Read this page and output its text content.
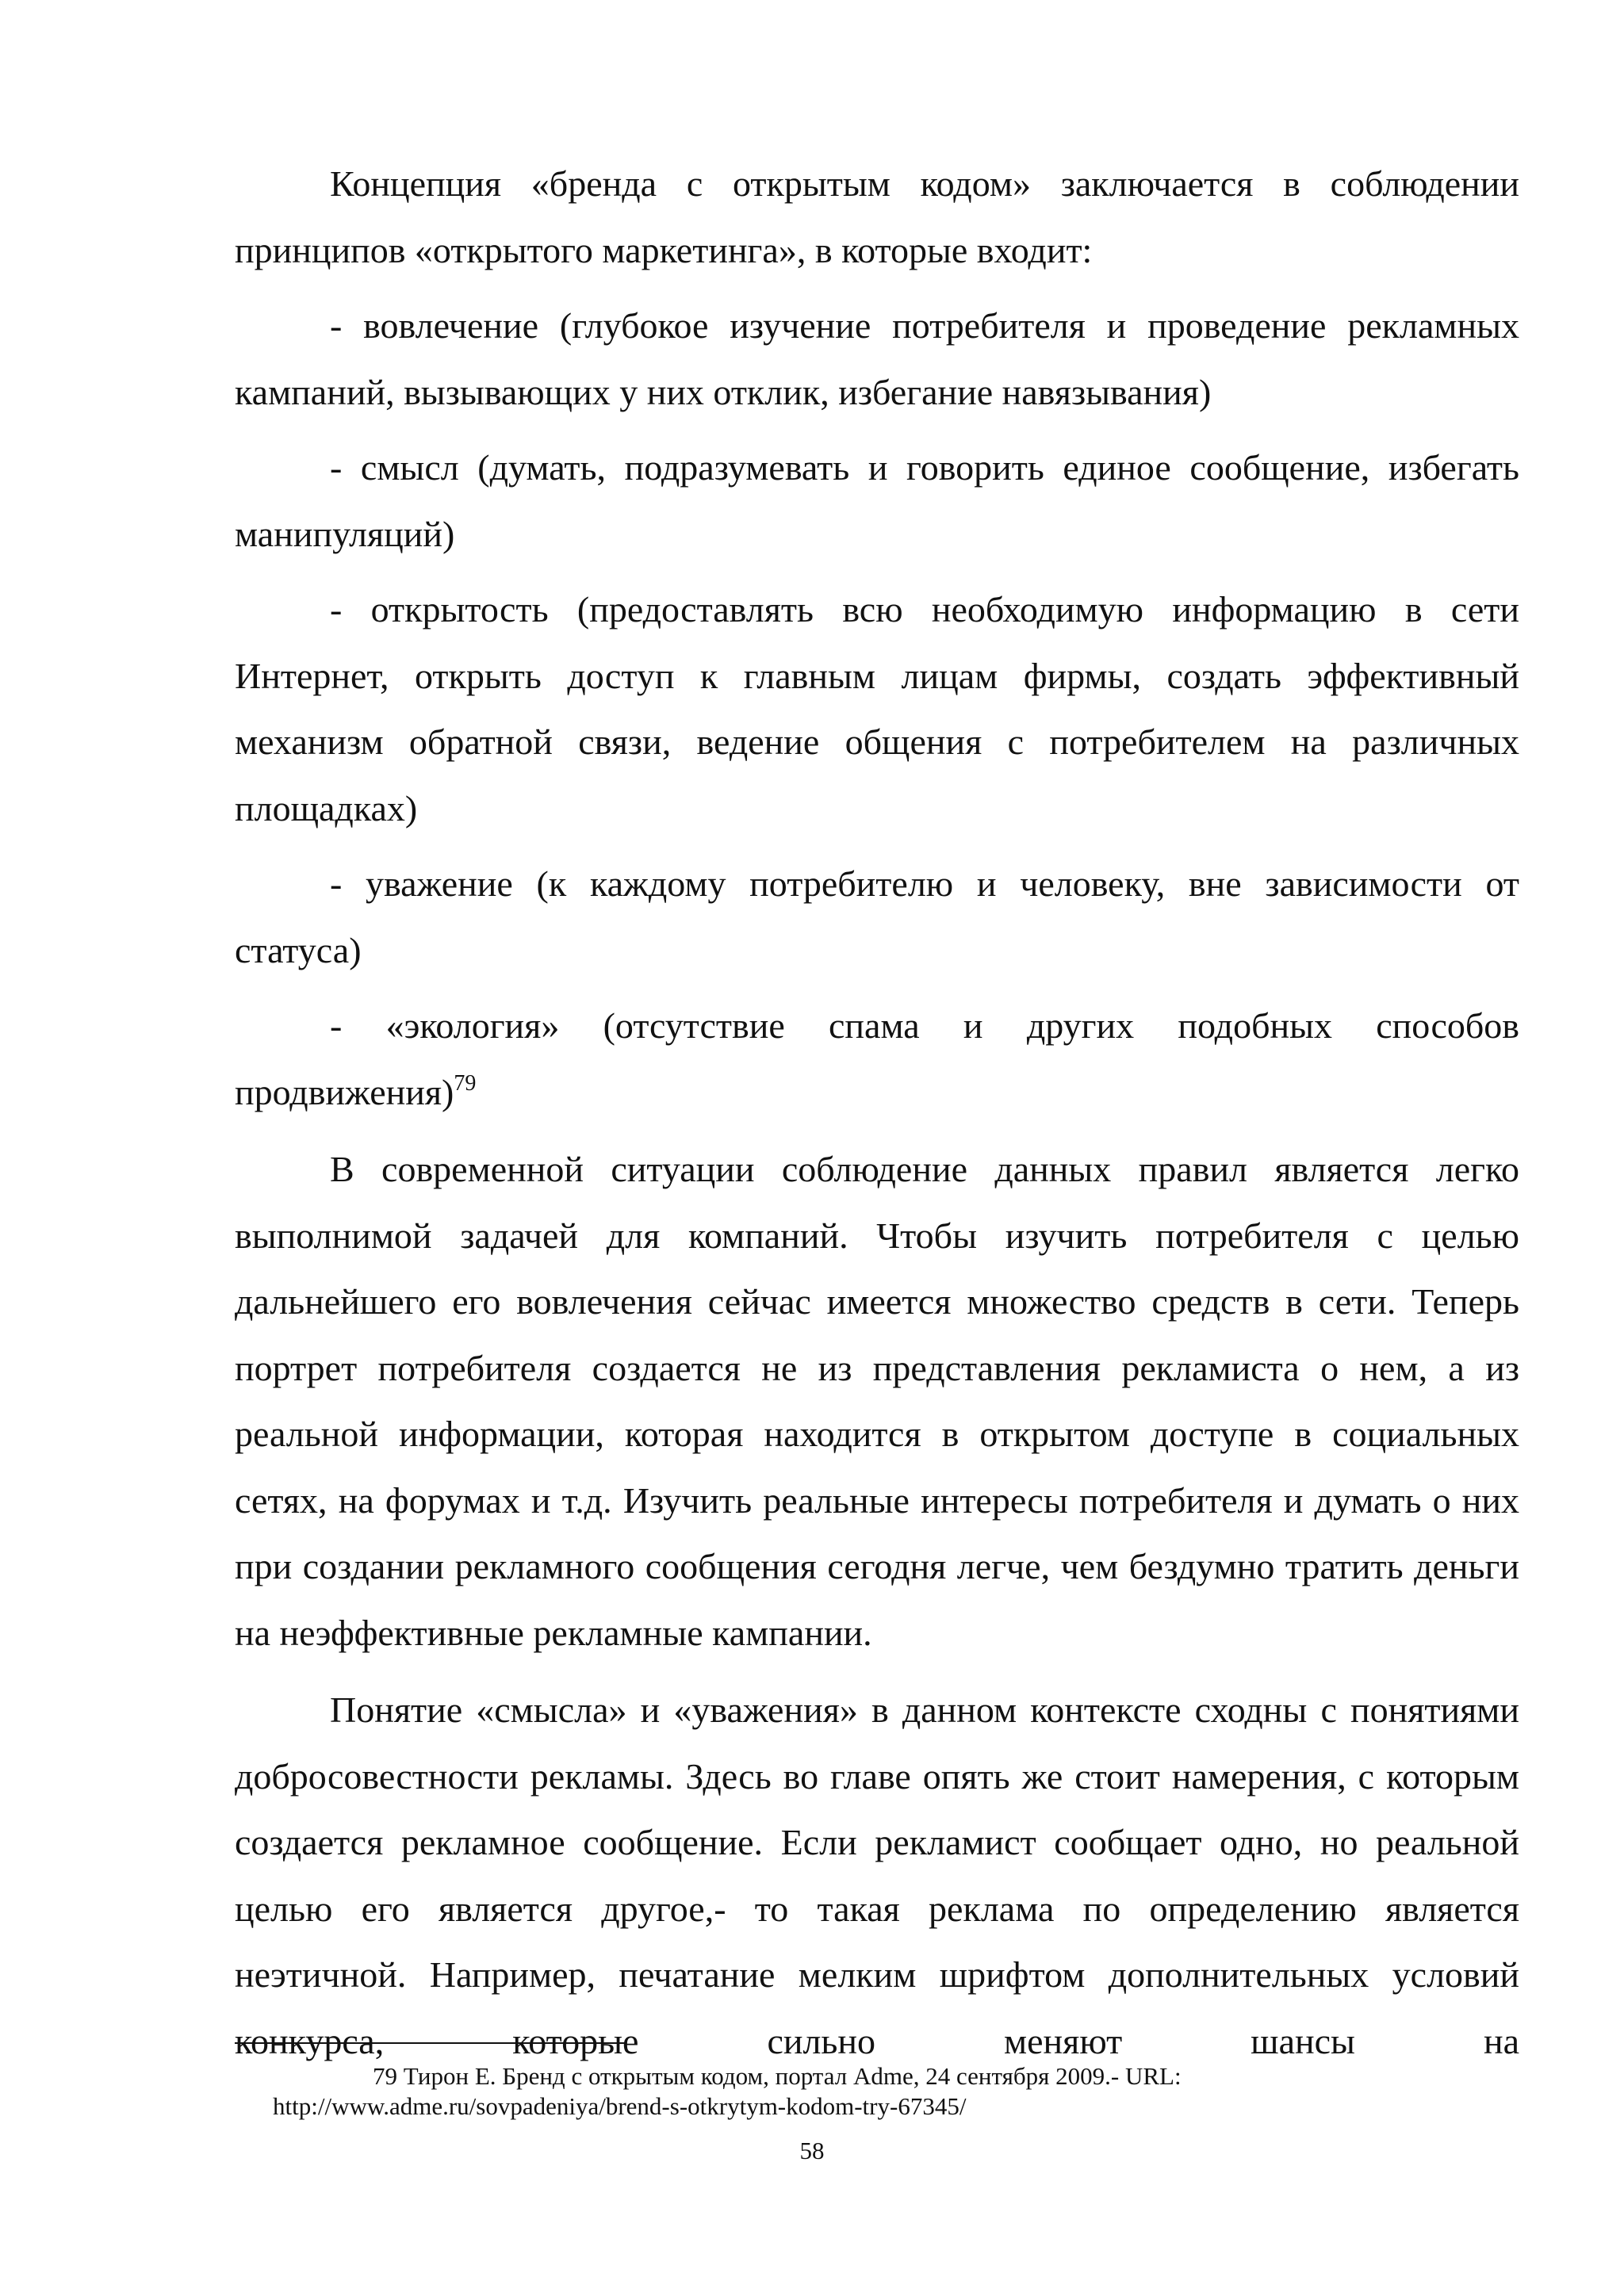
Концепция «бренда с открытым кодом» заключается в соблюдении принципов «открытого маркетинга», в которые входит:

- вовлечение (глубокое изучение потребителя и проведение рекламных кампаний, вызывающих у них отклик, избегание навязывания)

- смысл (думать, подразумевать и говорить единое сообщение, избегать манипуляций)

- открытость (предоставлять всю необходимую информацию в сети Интернет, открыть доступ к главным лицам фирмы, создать эффективный механизм обратной связи, ведение общения с потребителем на различных площадках)

- уважение (к каждому потребителю и человеку, вне зависимости от статуса)

- «экология» (отсутствие спама и других подобных способов продвижения)$^{79}$

В современной ситуации соблюдение данных правил является легко выполнимой задачей для компаний. Чтобы изучить потребителя с целью дальнейшего его вовлечения сейчас имеется множество средств в сети. Теперь портрет потребителя создается не из представления рекламиста о нем, а из реальной информации, которая находится в открытом доступе в социальных сетях, на форумах и т.д. Изучить реальные интересы потребителя и думать о них при создании рекламного сообщения сегодня легче, чем бездумно тратить деньги на неэффективные рекламные кампании.

Понятие «смысла» и «уважения» в данном контексте сходны с понятиями добросовестности рекламы. Здесь во главе опять же стоит намерения, с которым создается рекламное сообщение. Если рекламист сообщает одно, но реальной целью его является другое,- то такая реклама по определению является неэтичной. Например, печатание мелким шрифтом дополнительных условий конкурса, которые сильно меняют шансы на

79 Тирон Е. Бренд с открытым кодом, портал Adme, 24 сентября 2009.- URL:
http://www.adme.ru/sovpadeniya/brend-s-otkrytym-kodom-try-67345/
58
